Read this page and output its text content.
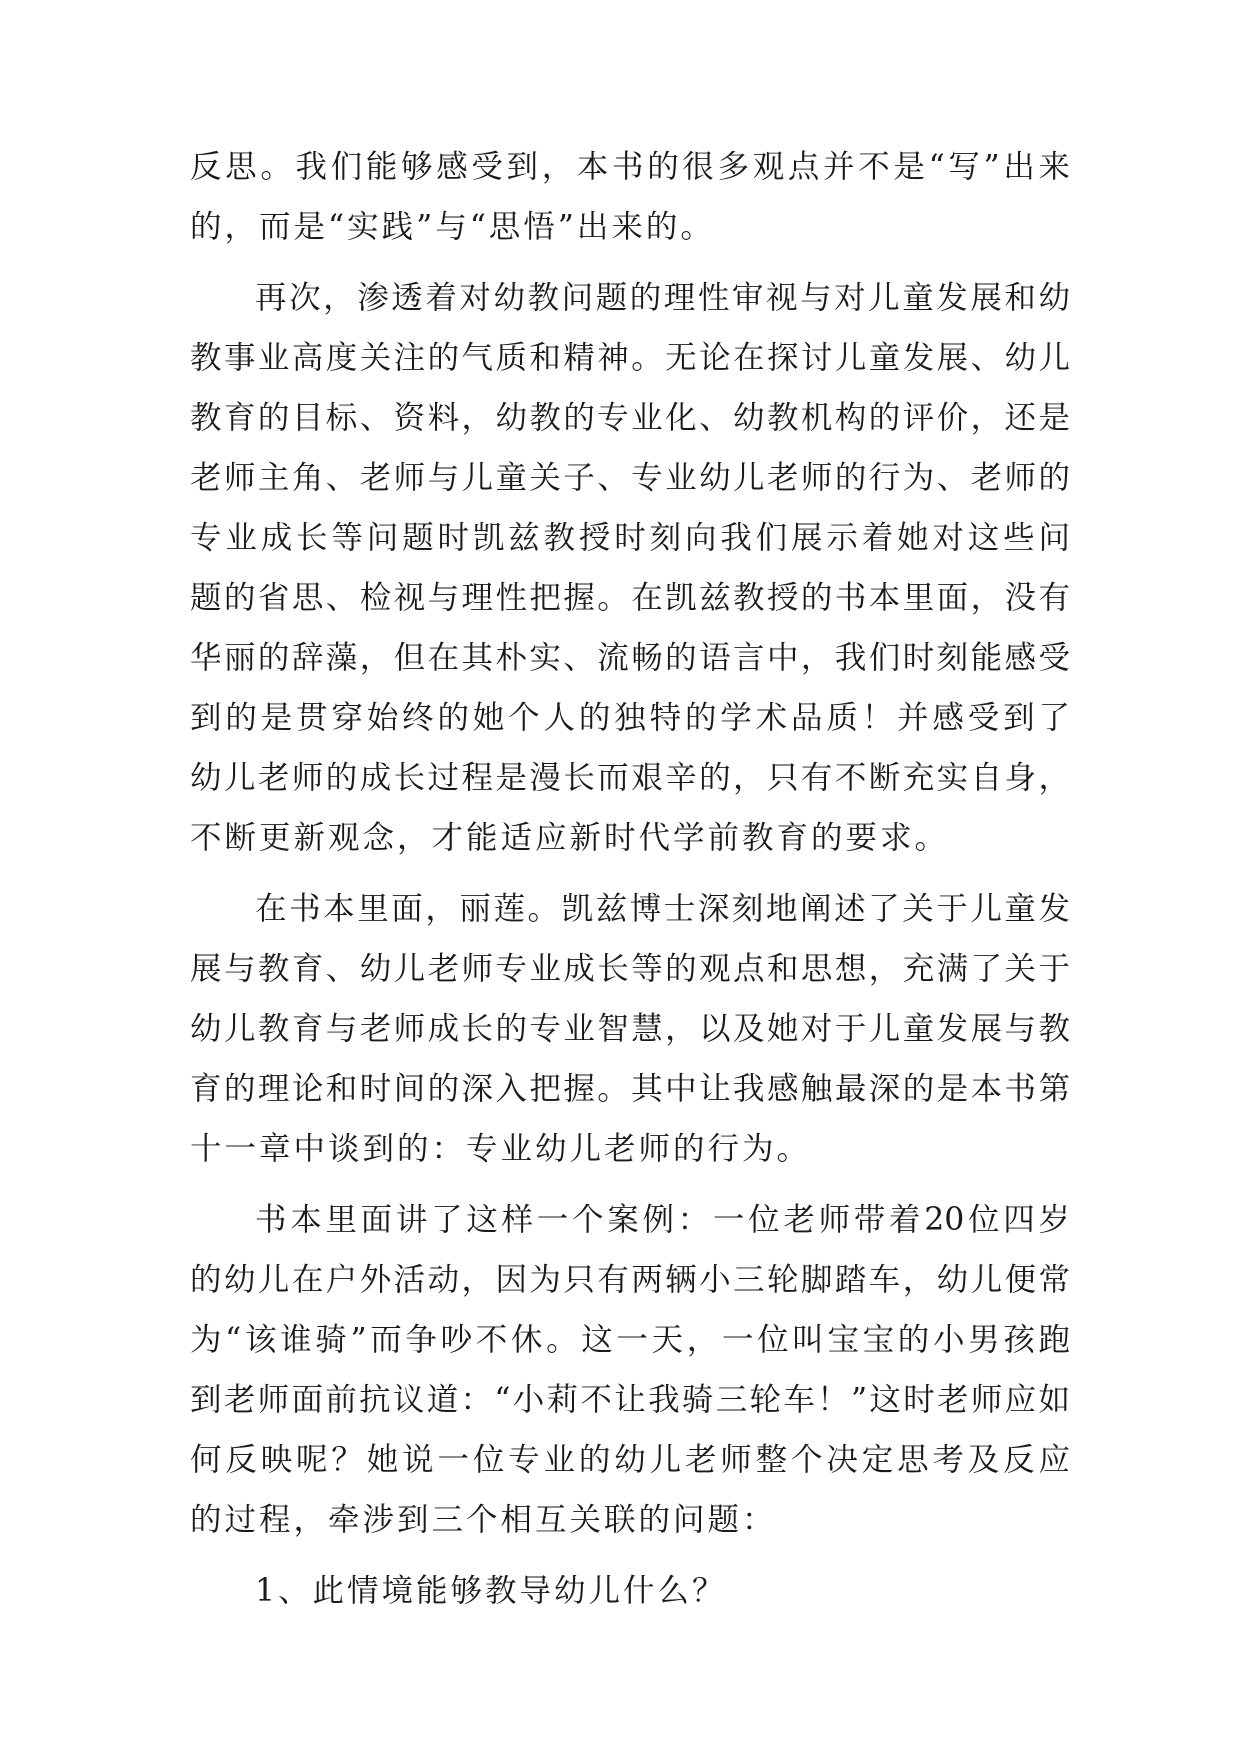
反思。我们能够感受到，本书的很多观点并不是“写”出来
的，而是“实践”与“思悟”出来的。
再次，渗透着对幼教问题的理性审视与对儿童发展和幼
教事业高度关注的气质和精神。无论在探讨儿童发展、幼儿
教育的目标、资料，幼教的专业化、幼教机构的评价，还是
老师主角、老师与儿童关子、专业幼儿老师的行为、老师的
专业成长等问题时凯兹教授时刻向我们展示着她对这些问
题的省思、检视与理性把握。在凯兹教授的书本里面，没有
华丽的辞藻，但在其朴实、流畅的语言中，我们时刻能感受
到的是贯穿始终的她个人的独特的学术品质！并感受到了
幼儿老师的成长过程是漫长而艰辛的，只有不断充实自身，
不断更新观念，才能适应新时代学前教育的要求。
在书本里面，丽莲。凯兹博士深刻地阐述了关于儿童发
展与教育、幼儿老师专业成长等的观点和思想，充满了关于
幼儿教育与老师成长的专业智慧，以及她对于儿童发展与教
育的理论和时间的深入把握。其中让我感触最深的是本书第
十一章中谈到的：专业幼儿老师的行为。
书本里面讲了这样一个案例：一位老师带着20位四岁
的幼儿在户外活动，因为只有两辆小三轮脚踏车，幼儿便常
为“该谁骑”而争吵不休。这一天，一位叫宝宝的小男孩跑
到老师面前抗议道：“小莉不让我骑三轮车！”这时老师应如
何反映呢？她说一位专业的幼儿老师整个决定思考及反应
的过程，牵涉到三个相互关联的问题：
1、此情境能够教导幼儿什么？
